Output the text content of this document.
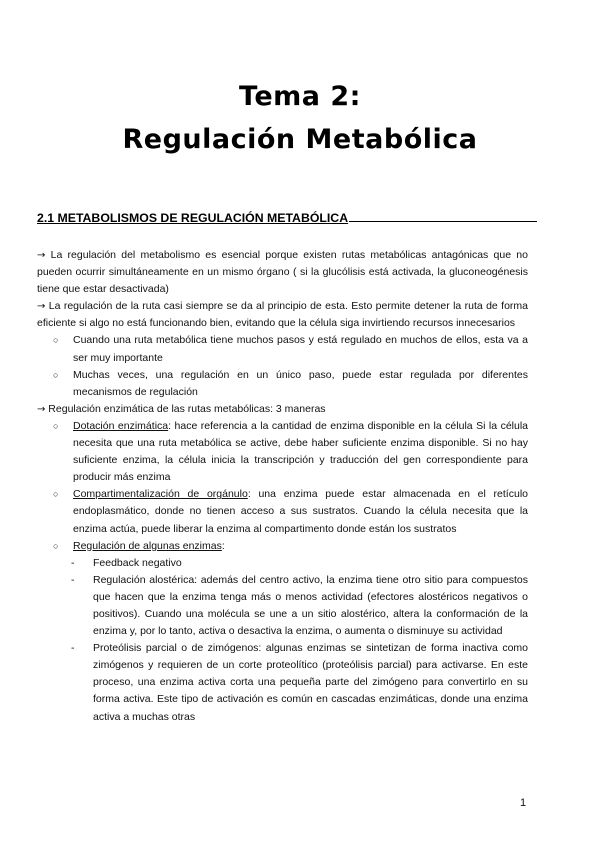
Tema 2:
Regulación Metabólica
2.1 METABOLISMOS DE REGULACIÓN METABÓLICA

→ La regulación del metabolismo es esencial porque existen rutas metabólicas antagónicas que no pueden ocurrir simultáneamente en un mismo órgano ( si la glucólisis está activada, la gluconeogénesis tiene que estar desactivada)

→ La regulación de la ruta casi siempre se da al principio de esta. Esto permite detener la ruta de forma eficiente si algo no está funcionando bien, evitando que la célula siga invirtiendo recursos innecesarios

○ Cuando una ruta metabólica tiene muchos pasos y está regulado en muchos de ellos, esta va a ser muy importante

○ Muchas veces, una regulación en un único paso, puede estar regulada por diferentes mecanismos de regulación

→ Regulación enzimática de las rutas metabólicas: 3 maneras

○ Dotación enzimática: hace referencia a la cantidad de enzima disponible en la célula Si la célula necesita que una ruta metabólica se active, debe haber suficiente enzima disponible. Si no hay suficiente enzima, la célula inicia la transcripción y traducción del gen correspondiente para producir más enzima

○ Compartimentalización de orgánulo: una enzima puede estar almacenada en el retículo endoplasmático, donde no tienen acceso a sus sustratos. Cuando la célula necesita que la enzima actúa, puede liberar la enzima al compartimento donde están los sustratos

○ Regulación de algunas enzimas:

- Feedback negativo

- Regulación alostérica: además del centro activo, la enzima tiene otro sitio para compuestos que hacen que la enzima tenga más o menos actividad (efectores alostéricos negativos o positivos). Cuando una molécula se une a un sitio alostérico, altera la conformación de la enzima y, por lo tanto, activa o desactiva la enzima, o aumenta o disminuye su actividad

- Proteólisis parcial o de zimógenos: algunas enzimas se sintetizan de forma inactiva como zimógenos y requieren de un corte proteolítico (proteólisis parcial) para activarse. En este proceso, una enzima activa corta una pequeña parte del zimógeno para convertirlo en su forma activa. Este tipo de activación es común en cascadas enzimáticas, donde una enzima activa a muchas otras

1
